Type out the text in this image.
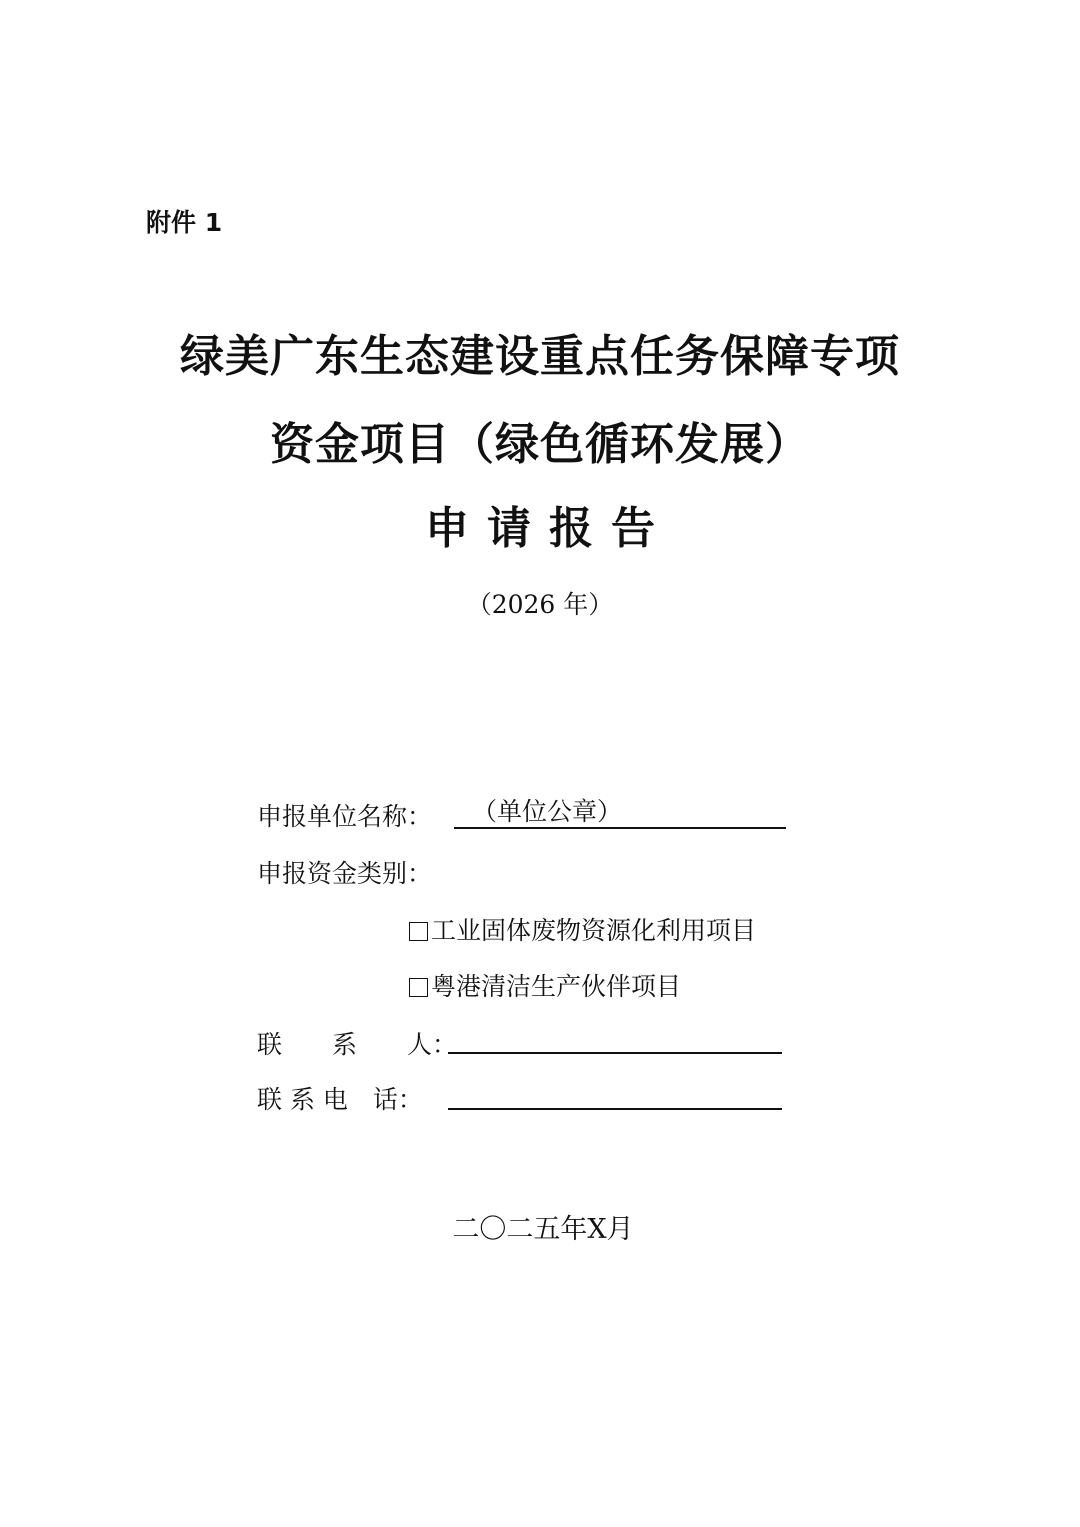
附件 1
绿美广东生态建设重点任务保障专项
资金项目（绿色循环发展）
申请报告
（2026 年）
申报单位名称：	（单位公章）
申报资金类别：
工业固体废物资源化利用项目
粤港清洁生产伙伴项目
联　　系　　人：
联 系 电　话：
二〇二五年X月
